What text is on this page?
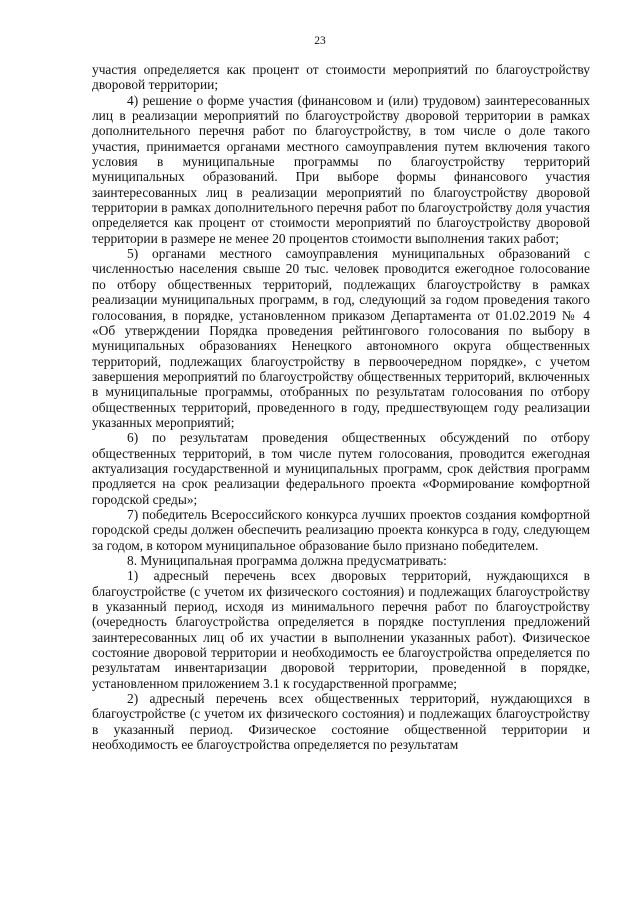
23

участия определяется как процент от стоимости мероприятий по благоустройству дворовой территории;

4) решение о форме участия (финансовом и (или) трудовом) заинтересованных лиц в реализации мероприятий по благоустройству дворовой территории в рамках дополнительного перечня работ по благоустройству, в том числе о доле такого участия, принимается органами местного самоуправления путем включения такого условия в муниципальные программы по благоустройству территорий муниципальных образований. При выборе формы финансового участия заинтересованных лиц в реализации мероприятий по благоустройству дворовой территории в рамках дополнительного перечня работ по благоустройству доля участия определяется как процент от стоимости мероприятий по благоустройству дворовой территории в размере не менее 20 процентов стоимости выполнения таких работ;

5) органами местного самоуправления муниципальных образований с численностью населения свыше 20 тыс. человек проводится ежегодное голосование по отбору общественных территорий, подлежащих благоустройству в рамках реализации муниципальных программ, в год, следующий за годом проведения такого голосования, в порядке, установленном приказом Департамента от 01.02.2019 № 4 «Об утверждении Порядка проведения рейтингового голосования по выбору в муниципальных образованиях Ненецкого автономного округа общественных территорий, подлежащих благоустройству в первоочередном порядке», с учетом завершения мероприятий по благоустройству общественных территорий, включенных в муниципальные программы, отобранных по результатам голосования по отбору общественных территорий, проведенного в году, предшествующем году реализации указанных мероприятий;

6) по результатам проведения общественных обсуждений по отбору общественных территорий, в том числе путем голосования, проводится ежегодная актуализация государственной и муниципальных программ, срок действия программ продляется на срок реализации федерального проекта «Формирование комфортной городской среды»;

7) победитель Всероссийского конкурса лучших проектов создания комфортной городской среды должен обеспечить реализацию проекта конкурса в году, следующем за годом, в котором муниципальное образование было признано победителем.

8. Муниципальная программа должна предусматривать:

1) адресный перечень всех дворовых территорий, нуждающихся в благоустройстве (с учетом их физического состояния) и подлежащих благоустройству в указанный период, исходя из минимального перечня работ по благоустройству (очередность благоустройства определяется в порядке поступления предложений заинтересованных лиц об их участии в выполнении указанных работ). Физическое состояние дворовой территории и необходимость ее благоустройства определяется по результатам инвентаризации дворовой территории, проведенной в порядке, установленном приложением 3.1 к государственной программе;

2) адресный перечень всех общественных территорий, нуждающихся в благоустройстве (с учетом их физического состояния) и подлежащих благоустройству в указанный период. Физическое состояние общественной территории и необходимость ее благоустройства определяется по результатам
